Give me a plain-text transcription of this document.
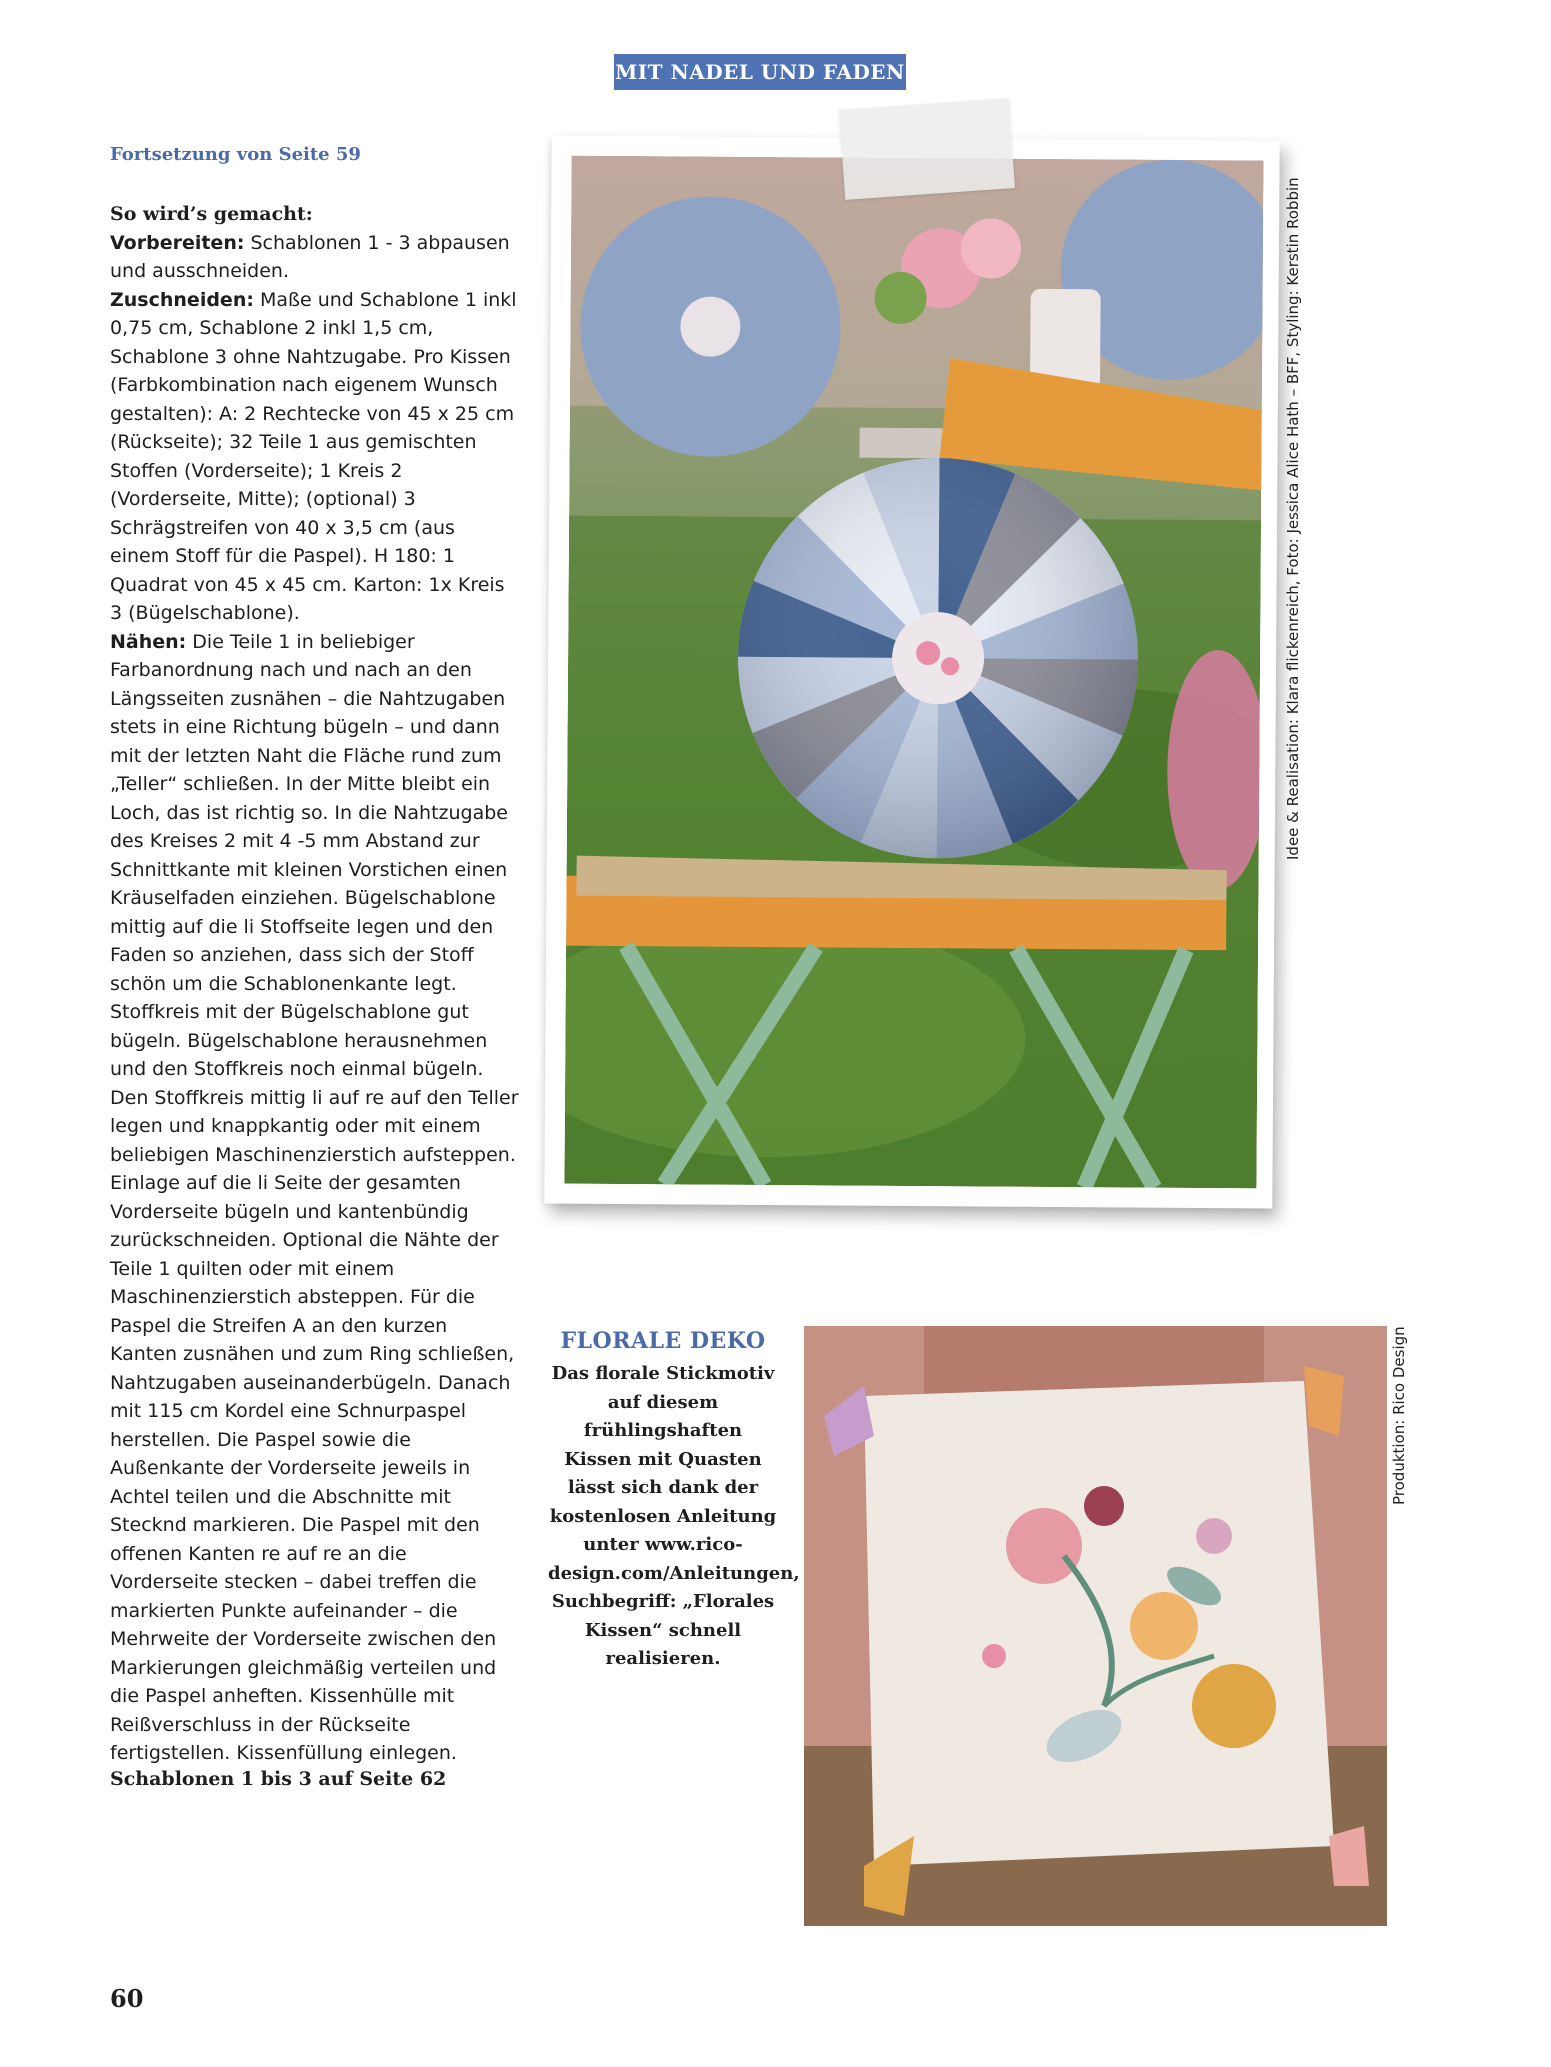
MIT NADEL UND FADEN
Fortsetzung von Seite 59
So wird’s gemacht:
Vorbereiten: Schablonen 1 - 3 abpausen und ausschneiden.
Zuschneiden: Maße und Schablone 1 inkl 0,75 cm, Schablone 2 inkl 1,5 cm, Schablone 3 ohne Nahtzugabe. Pro Kissen (Farbkombination nach eigenem Wunsch gestalten): A: 2 Rechtecke von 45 x 25 cm (Rückseite); 32 Teile 1 aus gemischten Stoffen (Vorderseite); 1 Kreis 2 (Vorderseite, Mitte); (optional) 3 Schrägstreifen von 40 x 3,5 cm (aus einem Stoff für die Paspel). H 180: 1 Quadrat von 45 x 45 cm. Karton: 1x Kreis 3 (Bügelschablone).
Nähen: Die Teile 1 in beliebiger Farbanordnung nach und nach an den Längsseiten zusnähen – die Nahtzugaben stets in eine Richtung bügeln – und dann mit der letzten Naht die Fläche rund zum „Teller“ schließen. In der Mitte bleibt ein Loch, das ist richtig so. In die Nahtzugabe des Kreises 2 mit 4 -5 mm Abstand zur Schnittkante mit kleinen Vorstichen einen Kräuselfaden einziehen. Bügelschablone mittig auf die li Stoffseite legen und den Faden so anziehen, dass sich der Stoff schön um die Schablonenkante legt. Stoffkreis mit der Bügelschablone gut bügeln. Bügelschablone herausnehmen und den Stoffkreis noch einmal bügeln. Den Stoffkreis mittig li auf re auf den Teller legen und knappkantig oder mit einem beliebigen Maschinenzierstich aufsteppen. Einlage auf die li Seite der gesamten Vorderseite bügeln und kantenbündig zurückschneiden. Optional die Nähte der Teile 1 quilten oder mit einem Maschinenzierstich absteppen. Für die Paspel die Streifen A an den kurzen Kanten zusnähen und zum Ring schließen, Nahtzugaben auseinanderbügeln. Danach mit 115 cm Kordel eine Schnurpaspel herstellen. Die Paspel sowie die Außenkante der Vorderseite jeweils in Achtel teilen und die Abschnitte mit Stecknd markieren. Die Paspel mit den offenen Kanten re auf re an die Vorderseite stecken – dabei treffen die markierten Punkte aufeinander – die Mehrweite der Vorderseite zwischen den Markierungen gleichmäßig verteilen und die Paspel anheften. Kissenhülle mit Reißverschluss in der Rückseite fertigstellen. Kissenfüllung einlegen.
Schablonen 1 bis 3 auf Seite 62
60
Idee & Realisation: Klara flickenreich, Foto: Jessica Alice Hath – BFF, Styling: Kerstin Robbin
FLORALE DEKO
Das florale Stickmotiv auf diesem frühlingshaften Kissen mit Quasten lässt sich dank der kostenlosen Anleitung unter www.rico-design.com/Anleitungen, Suchbegriff: „Florales Kissen“ schnell realisieren.
Produktion: Rico Design
